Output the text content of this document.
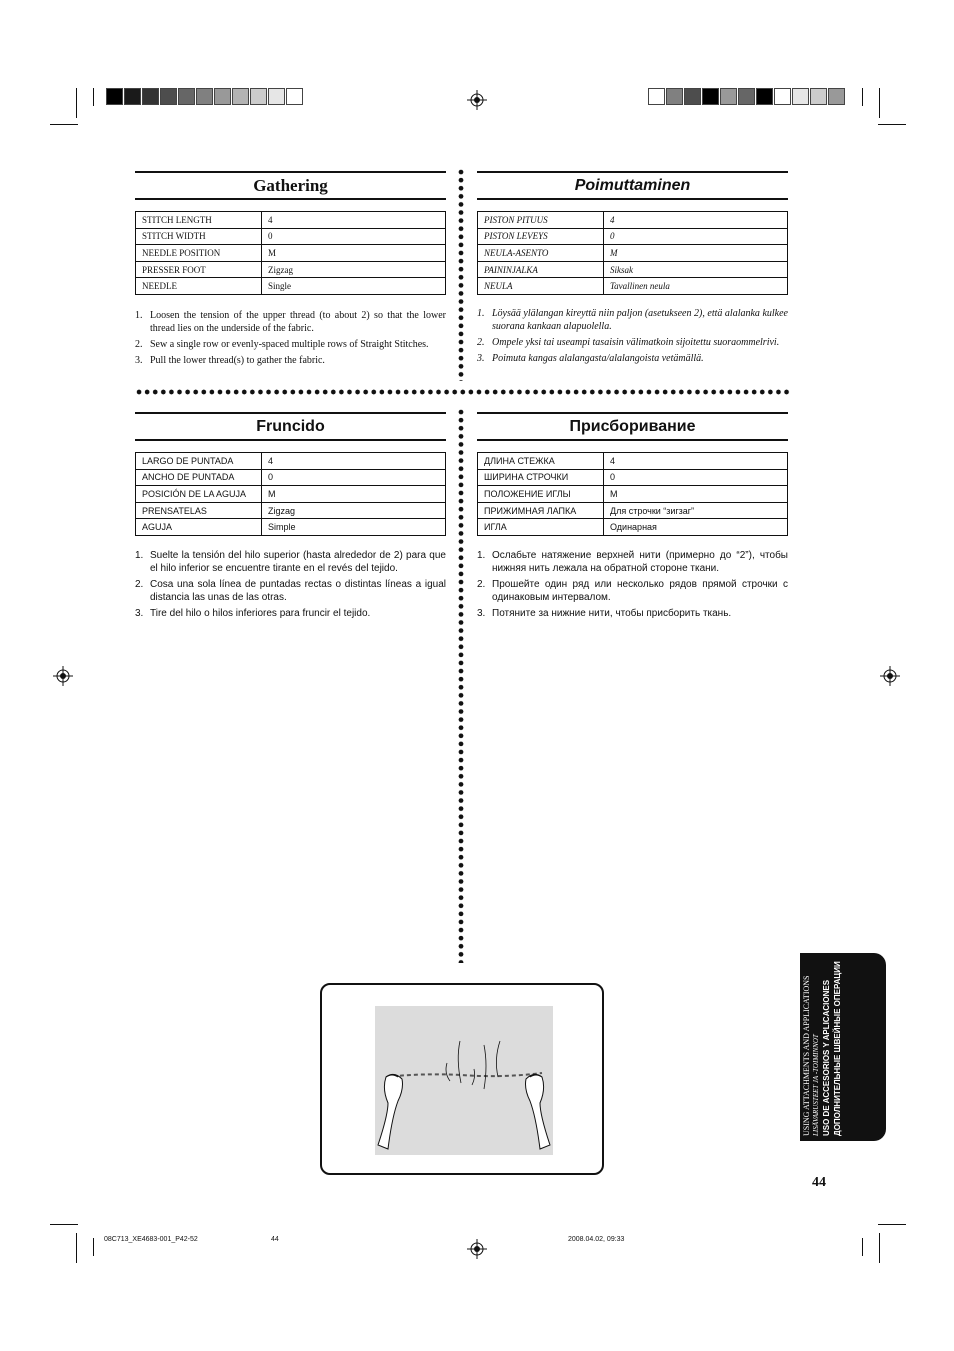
Gathering
STITCH LENGTH	4
STITCH WIDTH	0
NEEDLE POSITION	M
PRESSER FOOT	Zigzag
NEEDLE	Single
1. Loosen the tension of the upper thread (to about 2) so that the lower thread lies on the underside of the fabric.
2. Sew a single row or evenly-spaced multiple rows of Straight Stitches.
3. Pull the lower thread(s) to gather the fabric.
Poimuttaminen
PISTON PITUUS	4
PISTON LEVEYS	0
NEULA-ASENTO	M
PAININJALKA	Siksak
NEULA	Tavallinen neula
1. Löysää ylälangan kireyttä niin paljon (asetukseen 2), että alalanka kulkee suorana kankaan alapuolella.
2. Ompele yksi tai useampi tasaisin välimatkoin sijoitettu suoraommelrivi.
3. Poimuta kangas alalangasta/alalangoista vetämällä.
Fruncido
LARGO DE PUNTADA	4
ANCHO DE PUNTADA	0
POSICIÓN DE LA AGUJA	M
PRENSATELAS	Zigzag
AGUJA	Simple
1. Suelte la tensión del hilo superior (hasta alrededor de 2) para que el hilo inferior se encuentre tirante en el revés del tejido.
2. Cosa una sola línea de puntadas rectas o distintas líneas a igual distancia las unas de las otras.
3. Tire del hilo o hilos inferiores para fruncir el tejido.
Присборивание
ДЛИНА СТЕЖКА	4
ШИРИНА СТРОЧКИ	0
ПОЛОЖЕНИЕ ИГЛЫ	M
ПРИЖИМНАЯ ЛАПКА	Для строчки “зигзаг”
ИГЛА	Одинарная
1. Ослабьте натяжение верхней нити (примерно до “2”), чтобы нижняя нить лежала на обратной стороне ткани.
2. Прошейте один ряд или несколько рядов прямой строчки с одинаковым интервалом.
3. Потяните за нижние нити, чтобы присборить ткань.
USING ATTACHMENTS AND APPLICATIONS LISÄVARUSTEET JA -TOIMINNOT USO DE ACCESORIOS Y APLICACIONES ДОПОЛНИТЕЛЬНЫЕ ШВЕЙНЫЕ ОПЕРАЦИИ
44
08C713_XE4683-001_P42-52	44	2008.04.02, 09:33
